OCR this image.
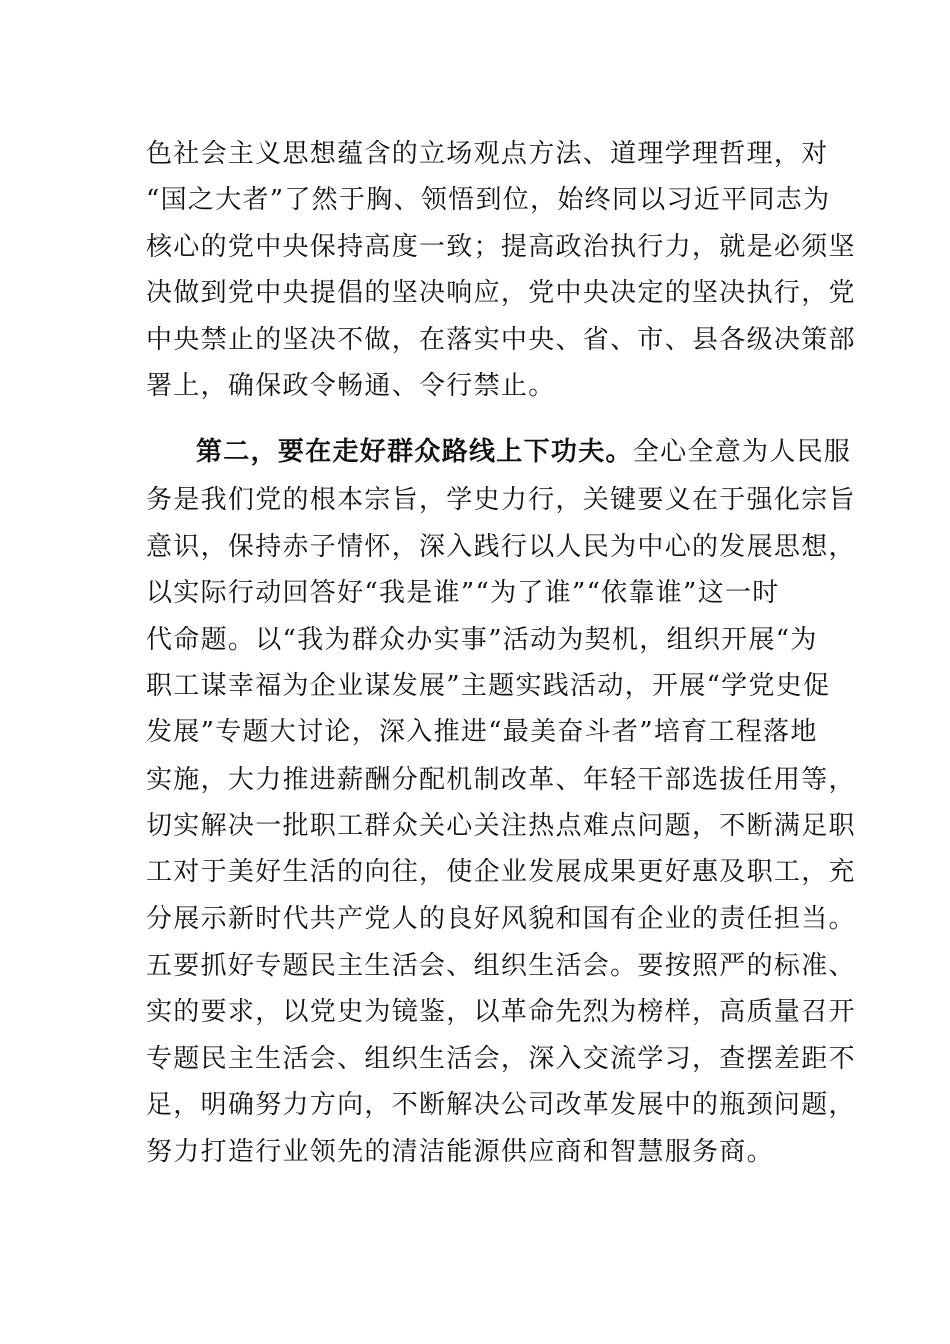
色社会主义思想蕴含的立场观点方法、道理学理哲理，对
“国之大者”了然于胸、领悟到位，始终同以习近平同志为
核心的党中央保持高度一致；提高政治执行力，就是必须坚
决做到党中央提倡的坚决响应，党中央决定的坚决执行，党
中央禁止的坚决不做，在落实中央、省、市、县各级决策部
署上，确保政令畅通、令行禁止。
第二，要在走好群众路线上下功夫。全心全意为人民服
务是我们党的根本宗旨，学史力行，关键要义在于强化宗旨
意识，保持赤子情怀，深入践行以人民为中心的发展思想，
以实际行动回答好“我是谁”“为了谁”“依靠谁”这一时
代命题。以“我为群众办实事”活动为契机，组织开展“为
职工谋幸福为企业谋发展”主题实践活动，开展“学党史促
发展”专题大讨论，深入推进“最美奋斗者”培育工程落地
实施，大力推进薪酬分配机制改革、年轻干部选拔任用等，
切实解决一批职工群众关心关注热点难点问题，不断满足职
工对于美好生活的向往，使企业发展成果更好惠及职工，充
分展示新时代共产党人的良好风貌和国有企业的责任担当。
五要抓好专题民主生活会、组织生活会。要按照严的标准、
实的要求，以党史为镜鉴，以革命先烈为榜样，高质量召开
专题民主生活会、组织生活会，深入交流学习，查摆差距不
足，明确努力方向，不断解决公司改革发展中的瓶颈问题，
努力打造行业领先的清洁能源供应商和智慧服务商。
